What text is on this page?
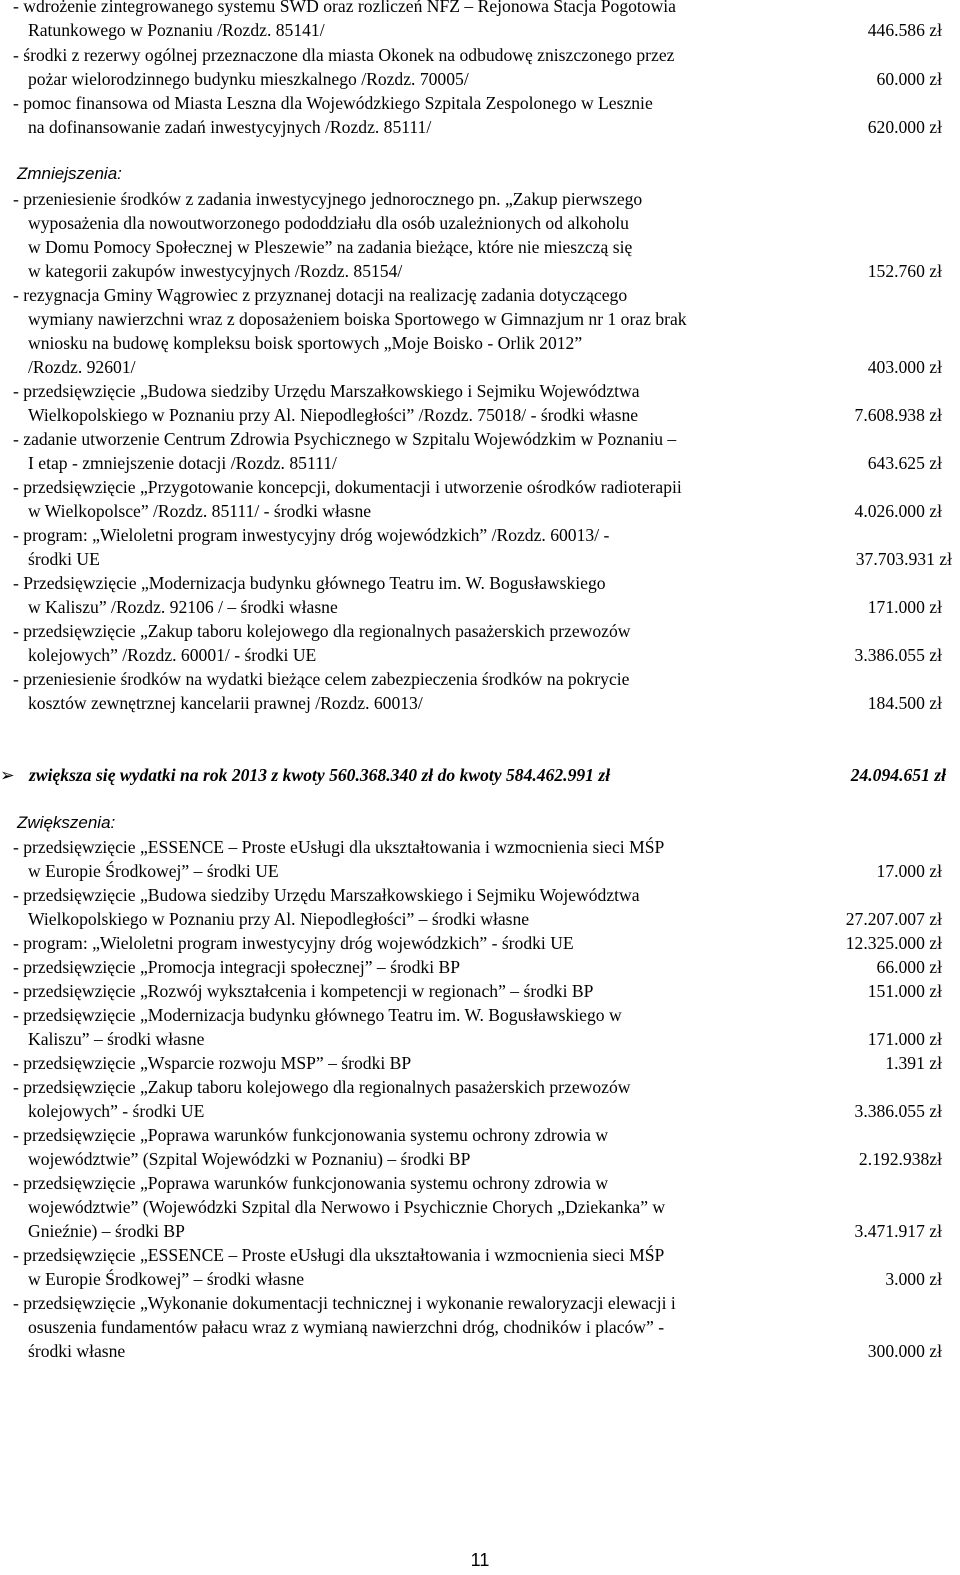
- wdrożenie zintegrowanego systemu SWD oraz rozliczeń NFZ – Rejonowa Stacja Pogotowia
Ratunkowego w Poznaniu /Rozdz. 85141/	446.586 zł
- środki z rezerwy ogólnej przeznaczone dla miasta Okonek na odbudowę zniszczonego przez
pożar wielorodzinnego budynku mieszkalnego /Rozdz. 70005/	60.000 zł
- pomoc finansowa od Miasta Leszna dla Wojewódzkiego Szpitala Zespolonego w Lesznie
na dofinansowanie zadań inwestycyjnych /Rozdz. 85111/	620.000 zł
Zmniejszenia:
- przeniesienie środków z zadania inwestycyjnego jednorocznego pn. „Zakup pierwszego
wyposażenia dla nowoutworzonego pododdziału dla osób uzależnionych od alkoholu
w Domu Pomocy Społecznej w Pleszewie” na zadania bieżące, które nie mieszczą się
w kategorii zakupów inwestycyjnych /Rozdz. 85154/	152.760 zł
- rezygnacja Gminy Wągrowiec z przyznanej dotacji na realizację zadania dotyczącego
wymiany nawierzchni wraz z doposażeniem boiska Sportowego w Gimnazjum nr 1 oraz brak
wniosku na budowę kompleksu boisk sportowych „Moje Boisko - Orlik 2012”
/Rozdz. 92601/	403.000 zł
- przedsięwzięcie „Budowa siedziby Urzędu Marszałkowskiego i Sejmiku Województwa
Wielkopolskiego w Poznaniu przy Al. Niepodległości” /Rozdz. 75018/ - środki własne	7.608.938 zł
- zadanie utworzenie Centrum Zdrowia Psychicznego w Szpitalu Wojewódzkim w Poznaniu –
I etap - zmniejszenie dotacji /Rozdz. 85111/	643.625 zł
- przedsięwzięcie „Przygotowanie koncepcji, dokumentacji i utworzenie ośrodków radioterapii
w Wielkopolsce” /Rozdz. 85111/ - środki własne	4.026.000 zł
- program: „Wieloletni program inwestycyjny dróg wojewódzkich” /Rozdz. 60013/ -
środki UE	37.703.931 zł
- Przedsięwzięcie „Modernizacja budynku głównego Teatru im. W. Bogusławskiego
w Kaliszu” /Rozdz. 92106 / – środki własne	171.000 zł
- przedsięwzięcie „Zakup taboru kolejowego dla regionalnych pasażerskich przewozów
kolejowych” /Rozdz. 60001/ - środki UE	3.386.055 zł
- przeniesienie środków na wydatki bieżące celem zabezpieczenia środków na pokrycie
kosztów zewnętrznej kancelarii prawnej /Rozdz. 60013/	184.500 zł
➢ zwiększa się wydatki na rok 2013 z kwoty 560.368.340 zł do kwoty 584.462.991 zł	24.094.651 zł
Zwiększenia:
- przedsięwzięcie „ESSENCE – Proste eUsługi dla ukształtowania i wzmocnienia sieci MŚP
w Europie Środkowej” – środki UE	17.000 zł
- przedsięwzięcie „Budowa siedziby Urzędu Marszałkowskiego i Sejmiku Województwa
Wielkopolskiego w Poznaniu przy Al. Niepodległości” – środki własne	27.207.007 zł
- program: „Wieloletni program inwestycyjny dróg wojewódzkich” - środki UE	12.325.000 zł
- przedsięwzięcie „Promocja integracji społecznej” – środki BP	66.000 zł
- przedsięwzięcie „Rozwój wykształcenia i kompetencji w regionach” – środki BP	151.000 zł
- przedsięwzięcie „Modernizacja budynku głównego Teatru im. W. Bogusławskiego w
Kaliszu” – środki własne	171.000 zł
- przedsięwzięcie „Wsparcie rozwoju MSP” – środki BP	1.391 zł
- przedsięwzięcie „Zakup taboru kolejowego dla regionalnych pasażerskich przewozów
kolejowych” - środki UE	3.386.055 zł
- przedsięwzięcie „Poprawa warunków funkcjonowania systemu ochrony zdrowia w
województwie” (Szpital Wojewódzki w Poznaniu) – środki BP	2.192.938zł
- przedsięwzięcie „Poprawa warunków funkcjonowania systemu ochrony zdrowia w
województwie” (Wojewódzki Szpital dla Nerwowo i Psychicznie Chorych „Dziekanka” w
Gnieźnie) – środki BP	3.471.917 zł
- przedsięwzięcie „ESSENCE – Proste eUsługi dla ukształtowania i wzmocnienia sieci MŚP
w Europie Środkowej” – środki własne	3.000 zł
- przedsięwzięcie „Wykonanie dokumentacji technicznej i wykonanie rewaloryzacji elewacji i
osuszenia fundamentów pałacu wraz z wymianą nawierzchni dróg, chodników i placów” -
środki własne	300.000 zł
11
